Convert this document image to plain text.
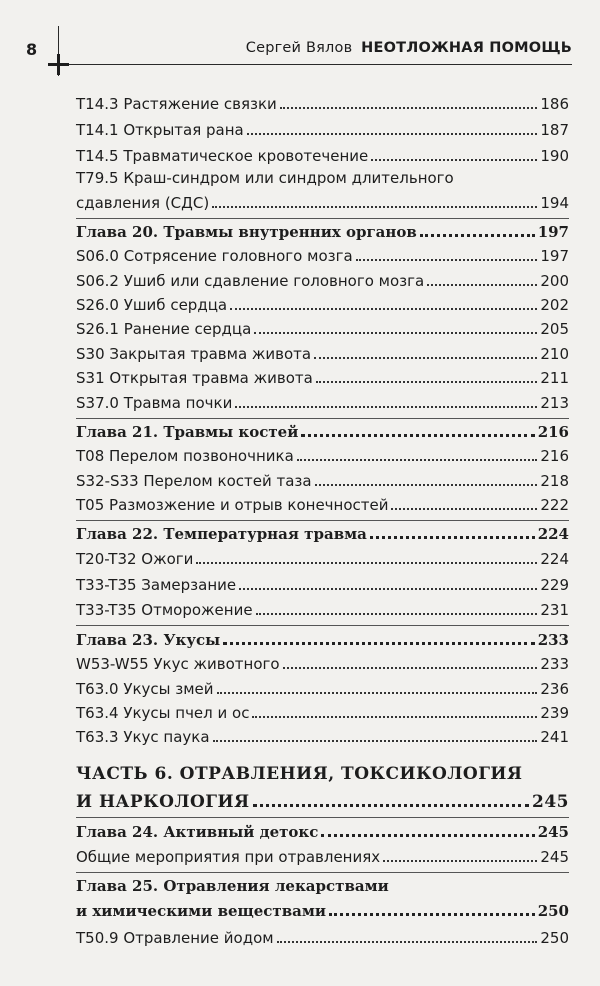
8	Сергей Вялов НЕОТЛОЖНАЯ ПОМОЩЬ
T14.3 Растяжение связки	186
T14.1 Открытая рана	187
T14.5 Травматическое кровотечение	190
T79.5 Краш-синдром или синдром длительного
сдавления (СДС)	194
Глава 20. Травмы внутренних органов	197
S06.0 Сотрясение головного мозга	197
S06.2 Ушиб или сдавление головного мозга	200
S26.0 Ушиб сердца	202
S26.1 Ранение сердца	205
S30 Закрытая травма живота	210
S31 Открытая травма живота	211
S37.0 Травма почки	213
Глава 21. Травмы костей	216
T08 Перелом позвоночника	216
S32-S33 Перелом костей таза	218
T05 Размозжение и отрыв конечностей	222
Глава 22. Температурная травма	224
T20-T32 Ожоги	224
T33-T35 Замерзание	229
T33-T35 Отморожение	231
Глава 23. Укусы	233
W53-W55 Укус животного	233
T63.0 Укусы змей	236
T63.4 Укусы пчел и ос	239
T63.3 Укус паука	241
ЧАСТЬ 6. ОТРАВЛЕНИЯ, ТОКСИКОЛОГИЯ
И НАРКОЛОГИЯ	245
Глава 24. Активный детокс	245
Общие мероприятия при отравлениях	245
Глава 25. Отравления лекарствами
и химическими веществами	250
T50.9 Отравление йодом	250
